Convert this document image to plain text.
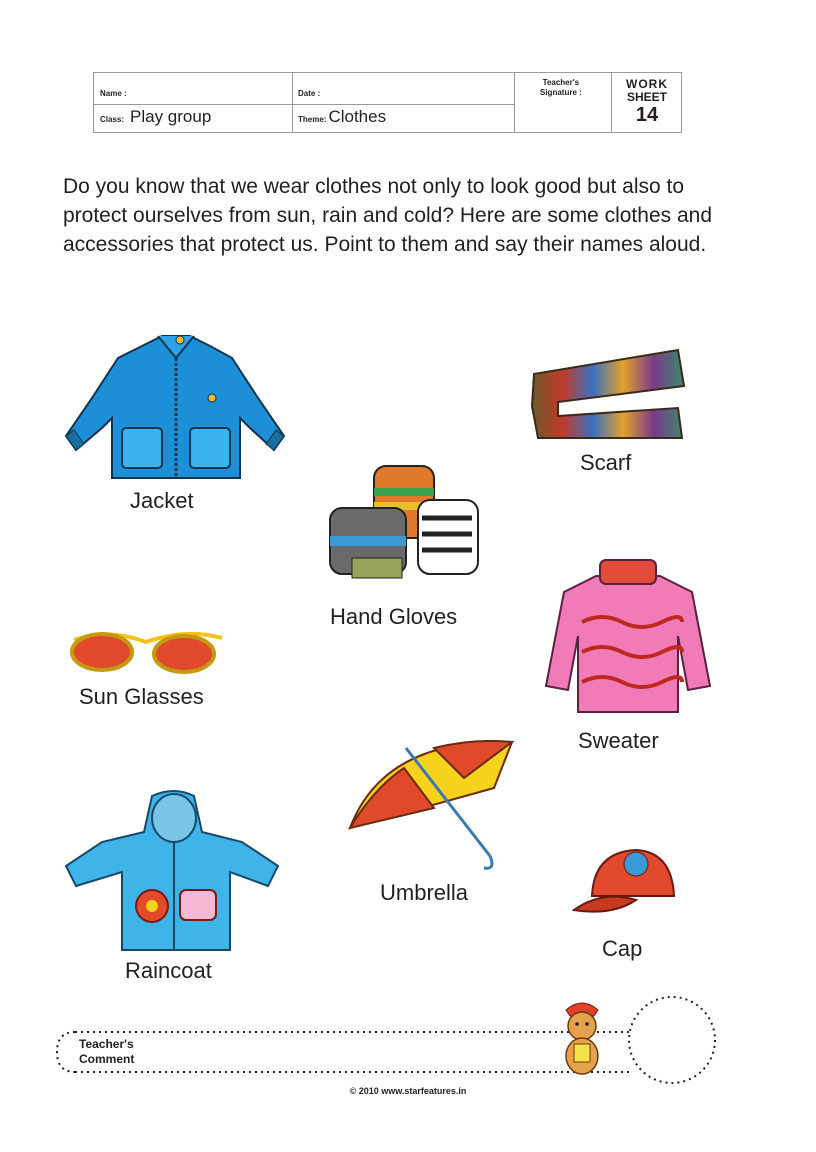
Name :	Date :
Teacher's
Signature :
Class: Play group	Theme: Clothes
WORK
SHEET
14

Do you know that we wear clothes not only to look good but also to protect ourselves from sun, rain and cold? Here are some clothes and accessories that protect us. Point to them and say their names aloud.

Jacket
Scarf
Hand Gloves
Sun Glasses
Sweater
Umbrella
Raincoat
Cap
Teacher's
Comment
© 2010 www.starfeatures.in
